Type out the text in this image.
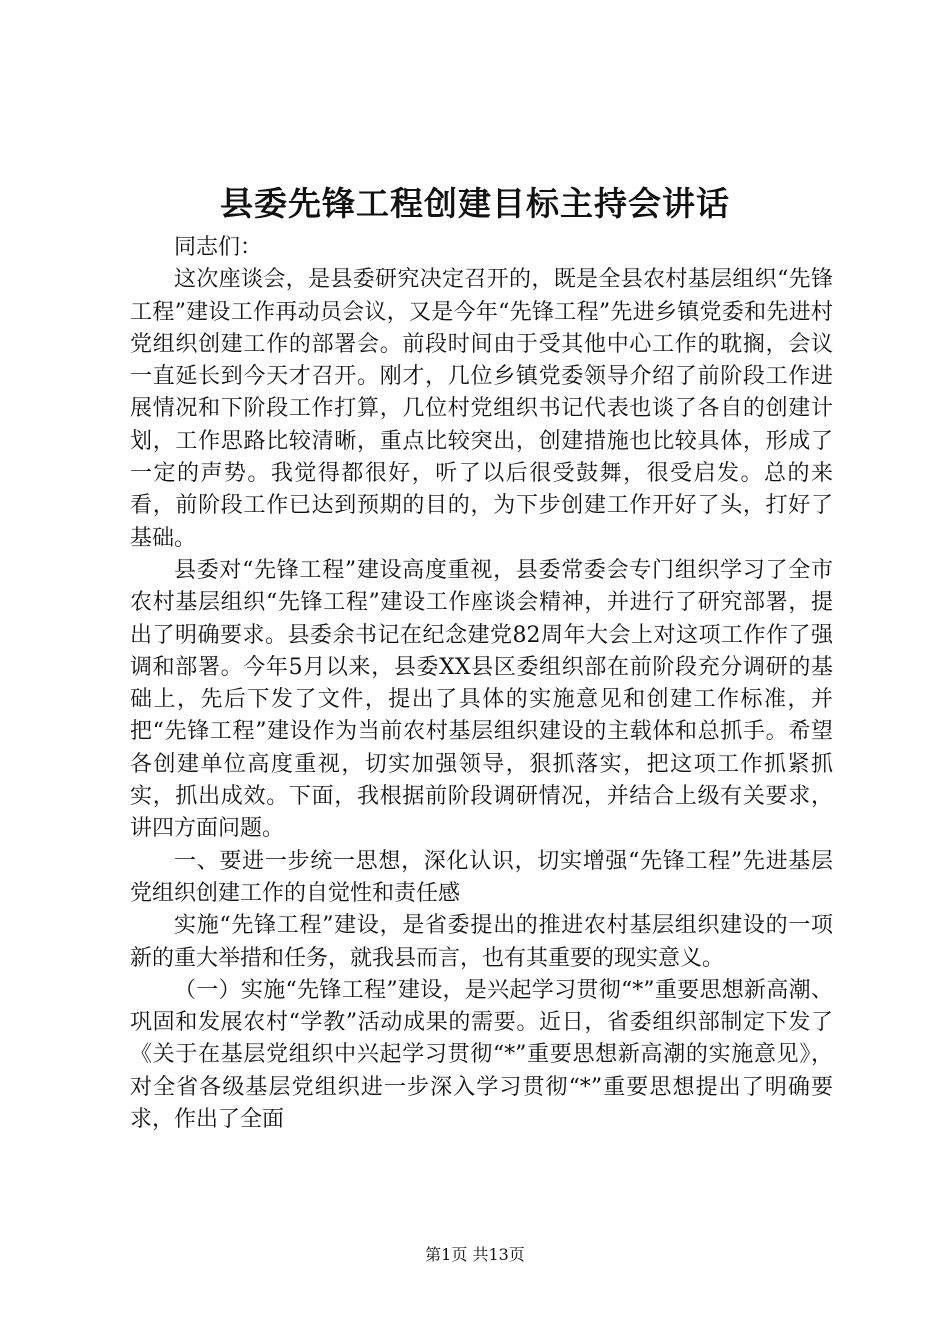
县委先锋工程创建目标主持会讲话

同志们：

这次座谈会，是县委研究决定召开的，既是全县农村基层组织“先锋工程”建设工作再动员会议，又是今年“先锋工程”先进乡镇党委和先进村党组织创建工作的部署会。前段时间由于受其他中心工作的耽搁，会议一直延长到今天才召开。刚才，几位乡镇党委领导介绍了前阶段工作进展情况和下阶段工作打算，几位村党组织书记代表也谈了各自的创建计划，工作思路比较清晰，重点比较突出，创建措施也比较具体，形成了一定的声势。我觉得都很好，听了以后很受鼓舞，很受启发。总的来看，前阶段工作已达到预期的目的，为下步创建工作开好了头，打好了基础。

县委对“先锋工程”建设高度重视，县委常委会专门组织学习了全市农村基层组织“先锋工程”建设工作座谈会精神，并进行了研究部署，提出了明确要求。县委余书记在纪念建党82周年大会上对这项工作作了强调和部署。今年5月以来，县委XX县区委组织部在前阶段充分调研的基础上，先后下发了文件，提出了具体的实施意见和创建工作标准，并把“先锋工程”建设作为当前农村基层组织建设的主载体和总抓手。希望各创建单位高度重视，切实加强领导，狠抓落实，把这项工作抓紧抓实，抓出成效。下面，我根据前阶段调研情况，并结合上级有关要求，讲四方面问题。

一、要进一步统一思想，深化认识，切实增强“先锋工程”先进基层党组织创建工作的自觉性和责任感

实施“先锋工程”建设，是省委提出的推进农村基层组织建设的一项新的重大举措和任务，就我县而言，也有其重要的现实意义。

（一）实施“先锋工程”建设，是兴起学习贯彻“*”重要思想新高潮、巩固和发展农村“学教”活动成果的需要。近日，省委组织部制定下发了《关于在基层党组织中兴起学习贯彻“*”重要思想新高潮的实施意见》，对全省各级基层党组织进一步深入学习贯彻“*”重要思想提出了明确要求，作出了全面

第1页 共13页
